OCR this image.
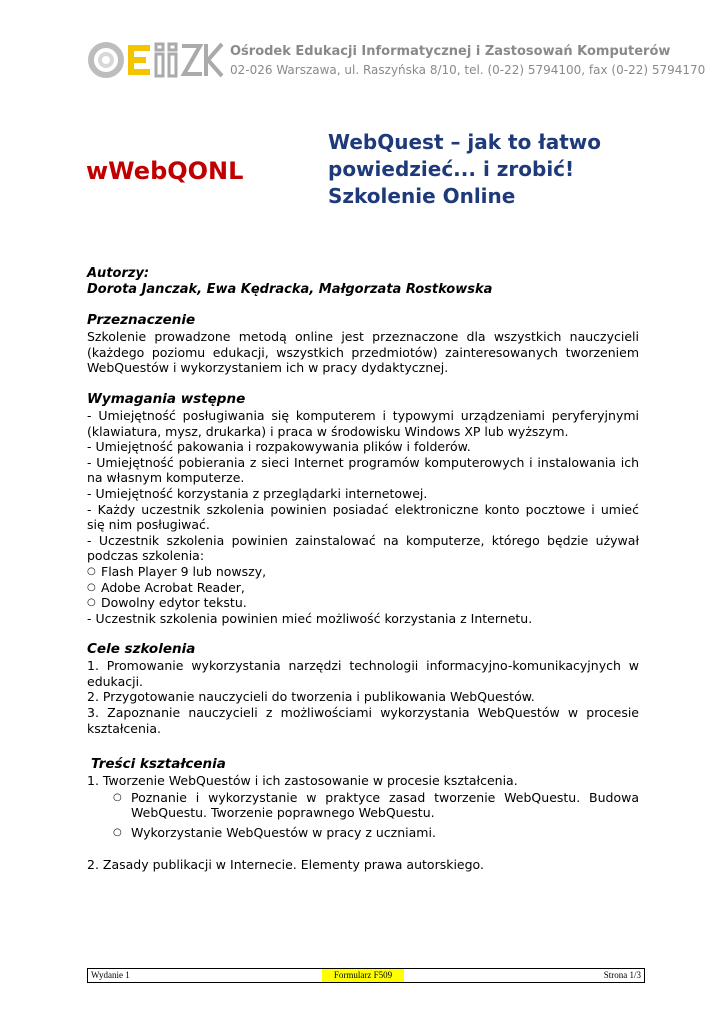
Ośrodek Edukacji Informatycznej i Zastosowań Komputerów
02-026 Warszawa, ul. Raszyńska 8/10, tel. (0-22) 5794100, fax (0-22) 5794170
wWebQONL
WebQuest – jak to łatwo
powiedzieć... i zrobić!
Szkolenie Online
Autorzy:
Dorota Janczak, Ewa Kędracka, Małgorzata Rostkowska
Przeznaczenie
Szkolenie prowadzone metodą online jest przeznaczone dla wszystkich nauczycieli (każdego poziomu edukacji, wszystkich przedmiotów) zainteresowanych tworzeniem WebQuestów i wykorzystaniem ich w pracy dydaktycznej.
Wymagania wstępne
- Umiejętność posługiwania się komputerem i typowymi urządzeniami peryferyjnymi (klawiatura, mysz, drukarka) i praca w środowisku Windows XP lub wyższym.
- Umiejętność pakowania i rozpakowywania plików i folderów.
- Umiejętność pobierania z sieci Internet programów komputerowych i instalowania ich na własnym komputerze.
- Umiejętność korzystania z przeglądarki internetowej.
- Każdy uczestnik szkolenia powinien posiadać elektroniczne konto pocztowe i umieć się nim posługiwać.
- Uczestnik szkolenia powinien zainstalować na komputerze, którego będzie używał podczas szkolenia:
○ Flash Player 9 lub nowszy,
○ Adobe Acrobat Reader,
○ Dowolny edytor tekstu.
- Uczestnik szkolenia powinien mieć możliwość korzystania z Internetu.
Cele szkolenia
1. Promowanie wykorzystania narzędzi technologii informacyjno-komunikacyjnych w edukacji.
2. Przygotowanie nauczycieli do tworzenia i publikowania WebQuestów.
3. Zapoznanie nauczycieli z możliwościami wykorzystania WebQuestów w procesie kształcenia.
Treści kształcenia
1. Tworzenie WebQuestów i ich zastosowanie w procesie kształcenia.
○ Poznanie i wykorzystanie w praktyce zasad tworzenie WebQuestu. Budowa WebQuestu. Tworzenie poprawnego WebQuestu.
○ Wykorzystanie WebQuestów w pracy z uczniami.
2. Zasady publikacji w Internecie. Elementy prawa autorskiego.
Wydanie 1	Formularz F509	Strona 1/3
